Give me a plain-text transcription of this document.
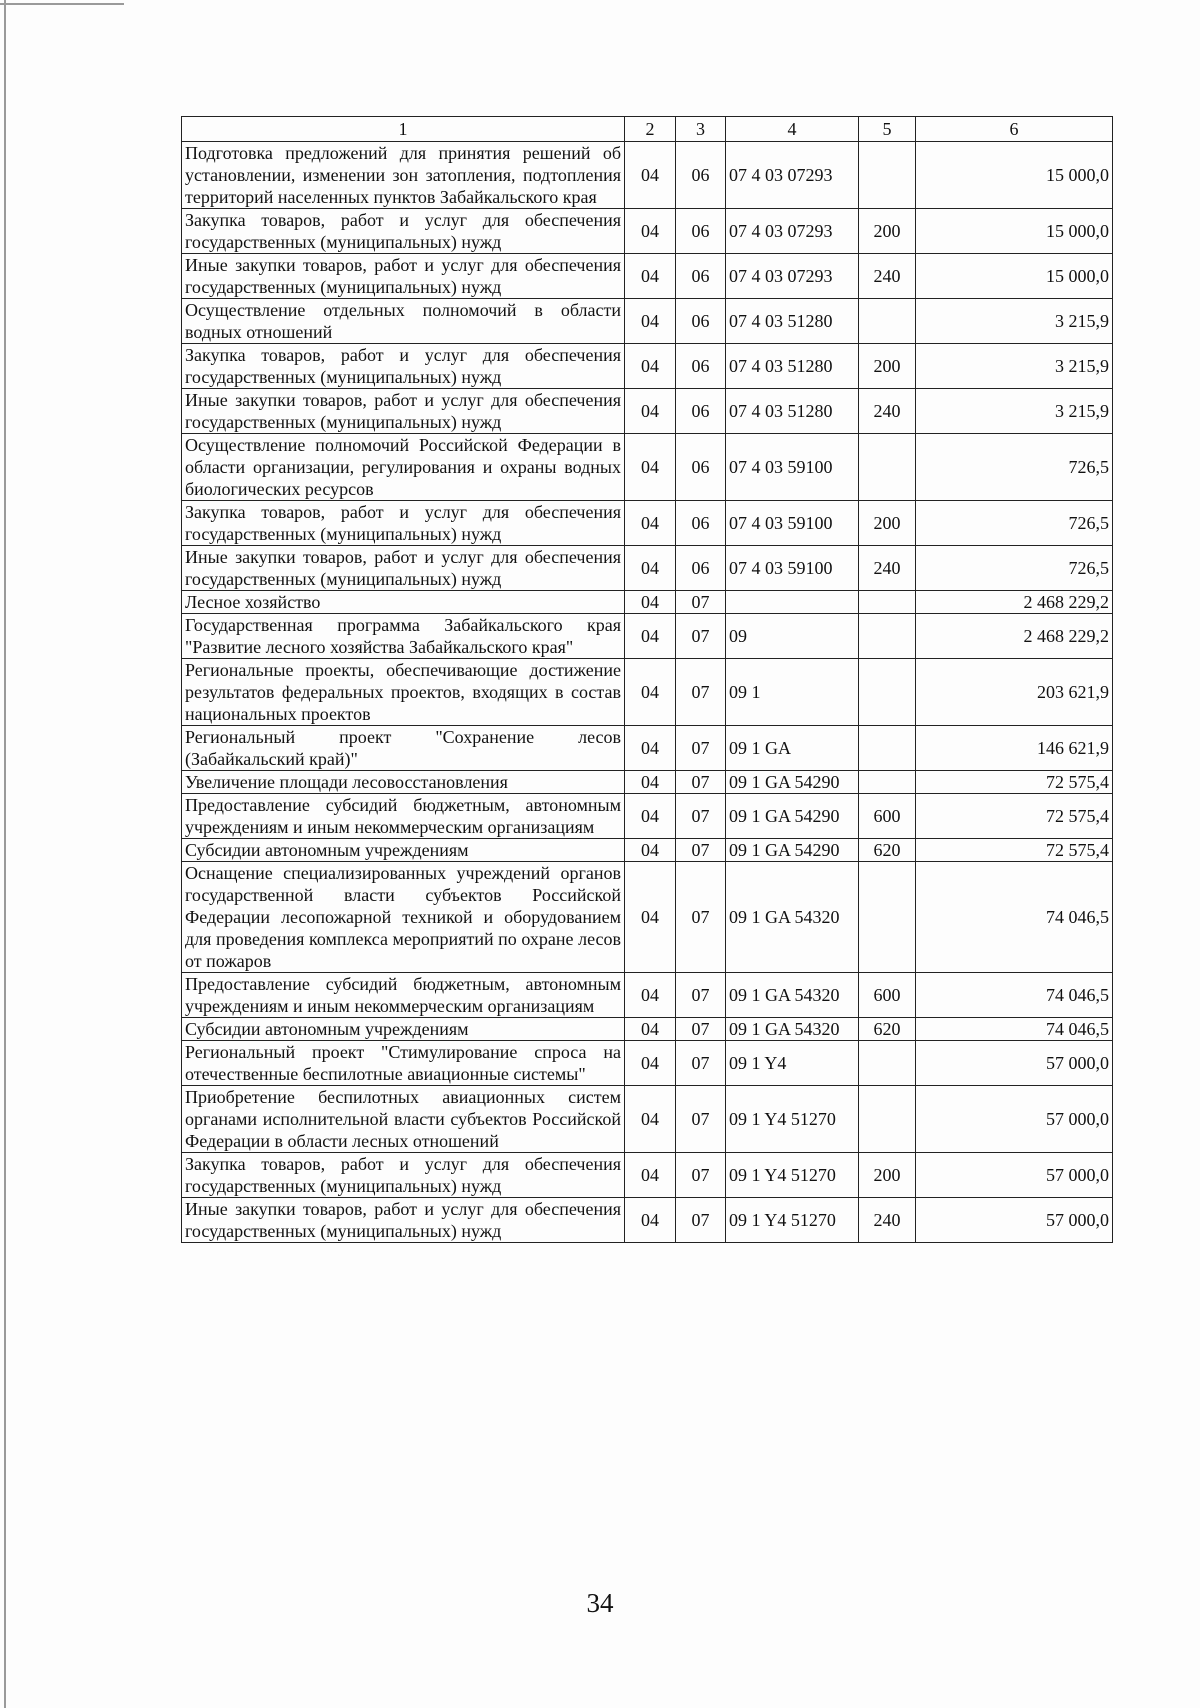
1	2	3	4	5	6
Подготовка предложений для принятия решений об установлении, изменении зон затопления, подтопления территорий населенных пунктов Забайкальского края	04	06	07 4 03 07293		15 000,0
Закупка товаров, работ и услуг для обеспечения государственных (муниципальных) нужд	04	06	07 4 03 07293	200	15 000,0
Иные закупки товаров, работ и услуг для обеспечения государственных (муниципальных) нужд	04	06	07 4 03 07293	240	15 000,0
Осуществление отдельных полномочий в области водных отношений	04	06	07 4 03 51280		3 215,9
Закупка товаров, работ и услуг для обеспечения государственных (муниципальных) нужд	04	06	07 4 03 51280	200	3 215,9
Иные закупки товаров, работ и услуг для обеспечения государственных (муниципальных) нужд	04	06	07 4 03 51280	240	3 215,9
Осуществление полномочий Российской Федерации в области организации, регулирования и охраны водных биологических ресурсов	04	06	07 4 03 59100		726,5
Закупка товаров, работ и услуг для обеспечения государственных (муниципальных) нужд	04	06	07 4 03 59100	200	726,5
Иные закупки товаров, работ и услуг для обеспечения государственных (муниципальных) нужд	04	06	07 4 03 59100	240	726,5
Лесное хозяйство	04	07			2 468 229,2
Государственная программа Забайкальского края "Развитие лесного хозяйства Забайкальского края"	04	07	09		2 468 229,2
Региональные проекты, обеспечивающие достижение результатов федеральных проектов, входящих в состав национальных проектов	04	07	09 1		203 621,9
Региональный проект "Сохранение лесов (Забайкальский край)"	04	07	09 1 GA		146 621,9
Увеличение площади лесовосстановления	04	07	09 1 GA 54290		72 575,4
Предоставление субсидий бюджетным, автономным учреждениям и иным некоммерческим организациям	04	07	09 1 GA 54290	600	72 575,4
Субсидии автономным учреждениям	04	07	09 1 GA 54290	620	72 575,4
Оснащение специализированных учреждений органов государственной власти субъектов Российской Федерации лесопожарной техникой и оборудованием для проведения комплекса мероприятий по охране лесов от пожаров	04	07	09 1 GA 54320		74 046,5
Предоставление субсидий бюджетным, автономным учреждениям и иным некоммерческим организациям	04	07	09 1 GA 54320	600	74 046,5
Субсидии автономным учреждениям	04	07	09 1 GA 54320	620	74 046,5
Региональный проект "Стимулирование спроса на отечественные беспилотные авиационные системы"	04	07	09 1 Y4		57 000,0
Приобретение беспилотных авиационных систем органами исполнительной власти субъектов Российской Федерации в области лесных отношений	04	07	09 1 Y4 51270		57 000,0
Закупка товаров, работ и услуг для обеспечения государственных (муниципальных) нужд	04	07	09 1 Y4 51270	200	57 000,0
Иные закупки товаров, работ и услуг для обеспечения государственных (муниципальных) нужд	04	07	09 1 Y4 51270	240	57 000,0
34
